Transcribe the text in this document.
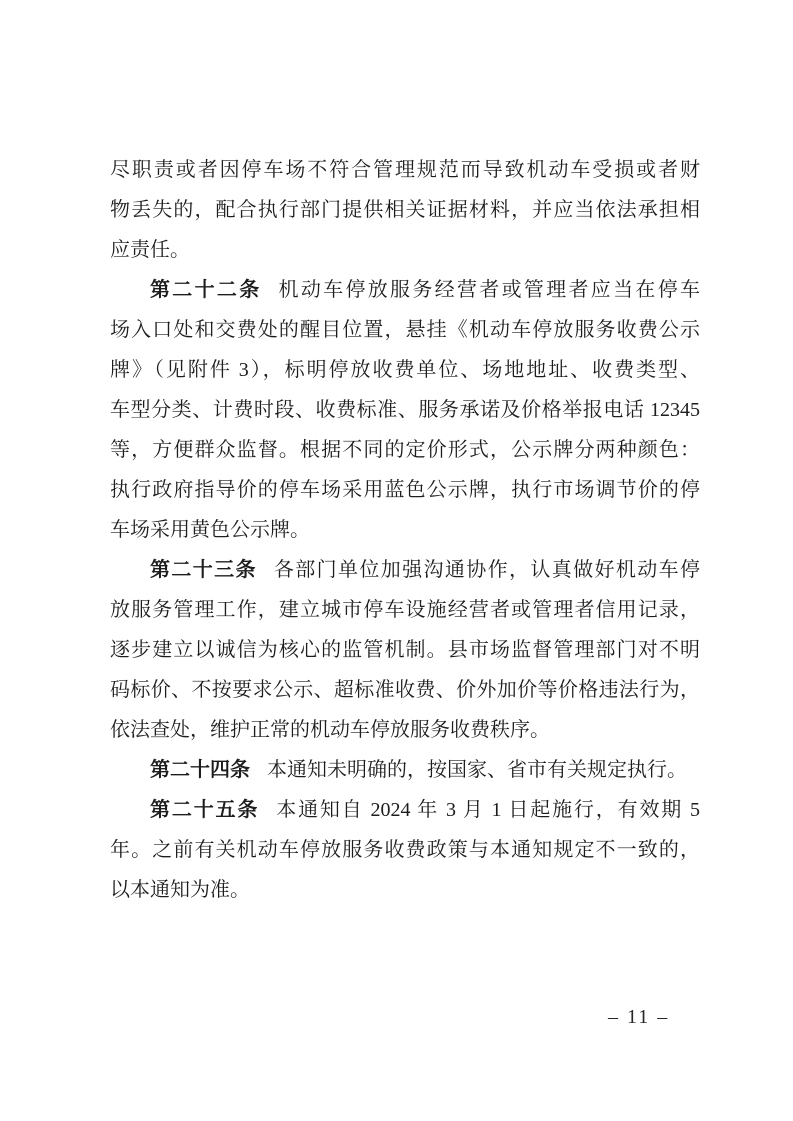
尽职责或者因停车场不符合管理规范而导致机动车受损或者财
物丢失的，配合执行部门提供相关证据材料，并应当依法承担相
应责任。
第二十二条 机动车停放服务经营者或管理者应当在停车
场入口处和交费处的醒目位置，悬挂《机动车停放服务收费公示
牌》（见附件 3），标明停放收费单位、场地地址、收费类型、
车型分类、计费时段、收费标准、服务承诺及价格举报电话 12345
等，方便群众监督。根据不同的定价形式，公示牌分两种颜色：
执行政府指导价的停车场采用蓝色公示牌，执行市场调节价的停
车场采用黄色公示牌。
第二十三条 各部门单位加强沟通协作，认真做好机动车停
放服务管理工作，建立城市停车设施经营者或管理者信用记录，
逐步建立以诚信为核心的监管机制。县市场监督管理部门对不明
码标价、不按要求公示、超标准收费、价外加价等价格违法行为，
依法查处，维护正常的机动车停放服务收费秩序。
第二十四条 本通知未明确的，按国家、省市有关规定执行。
第二十五条 本通知自 2024 年 3 月 1 日起施行，有效期 5
年。之前有关机动车停放服务收费政策与本通知规定不一致的，
以本通知为准。
– 11 –
